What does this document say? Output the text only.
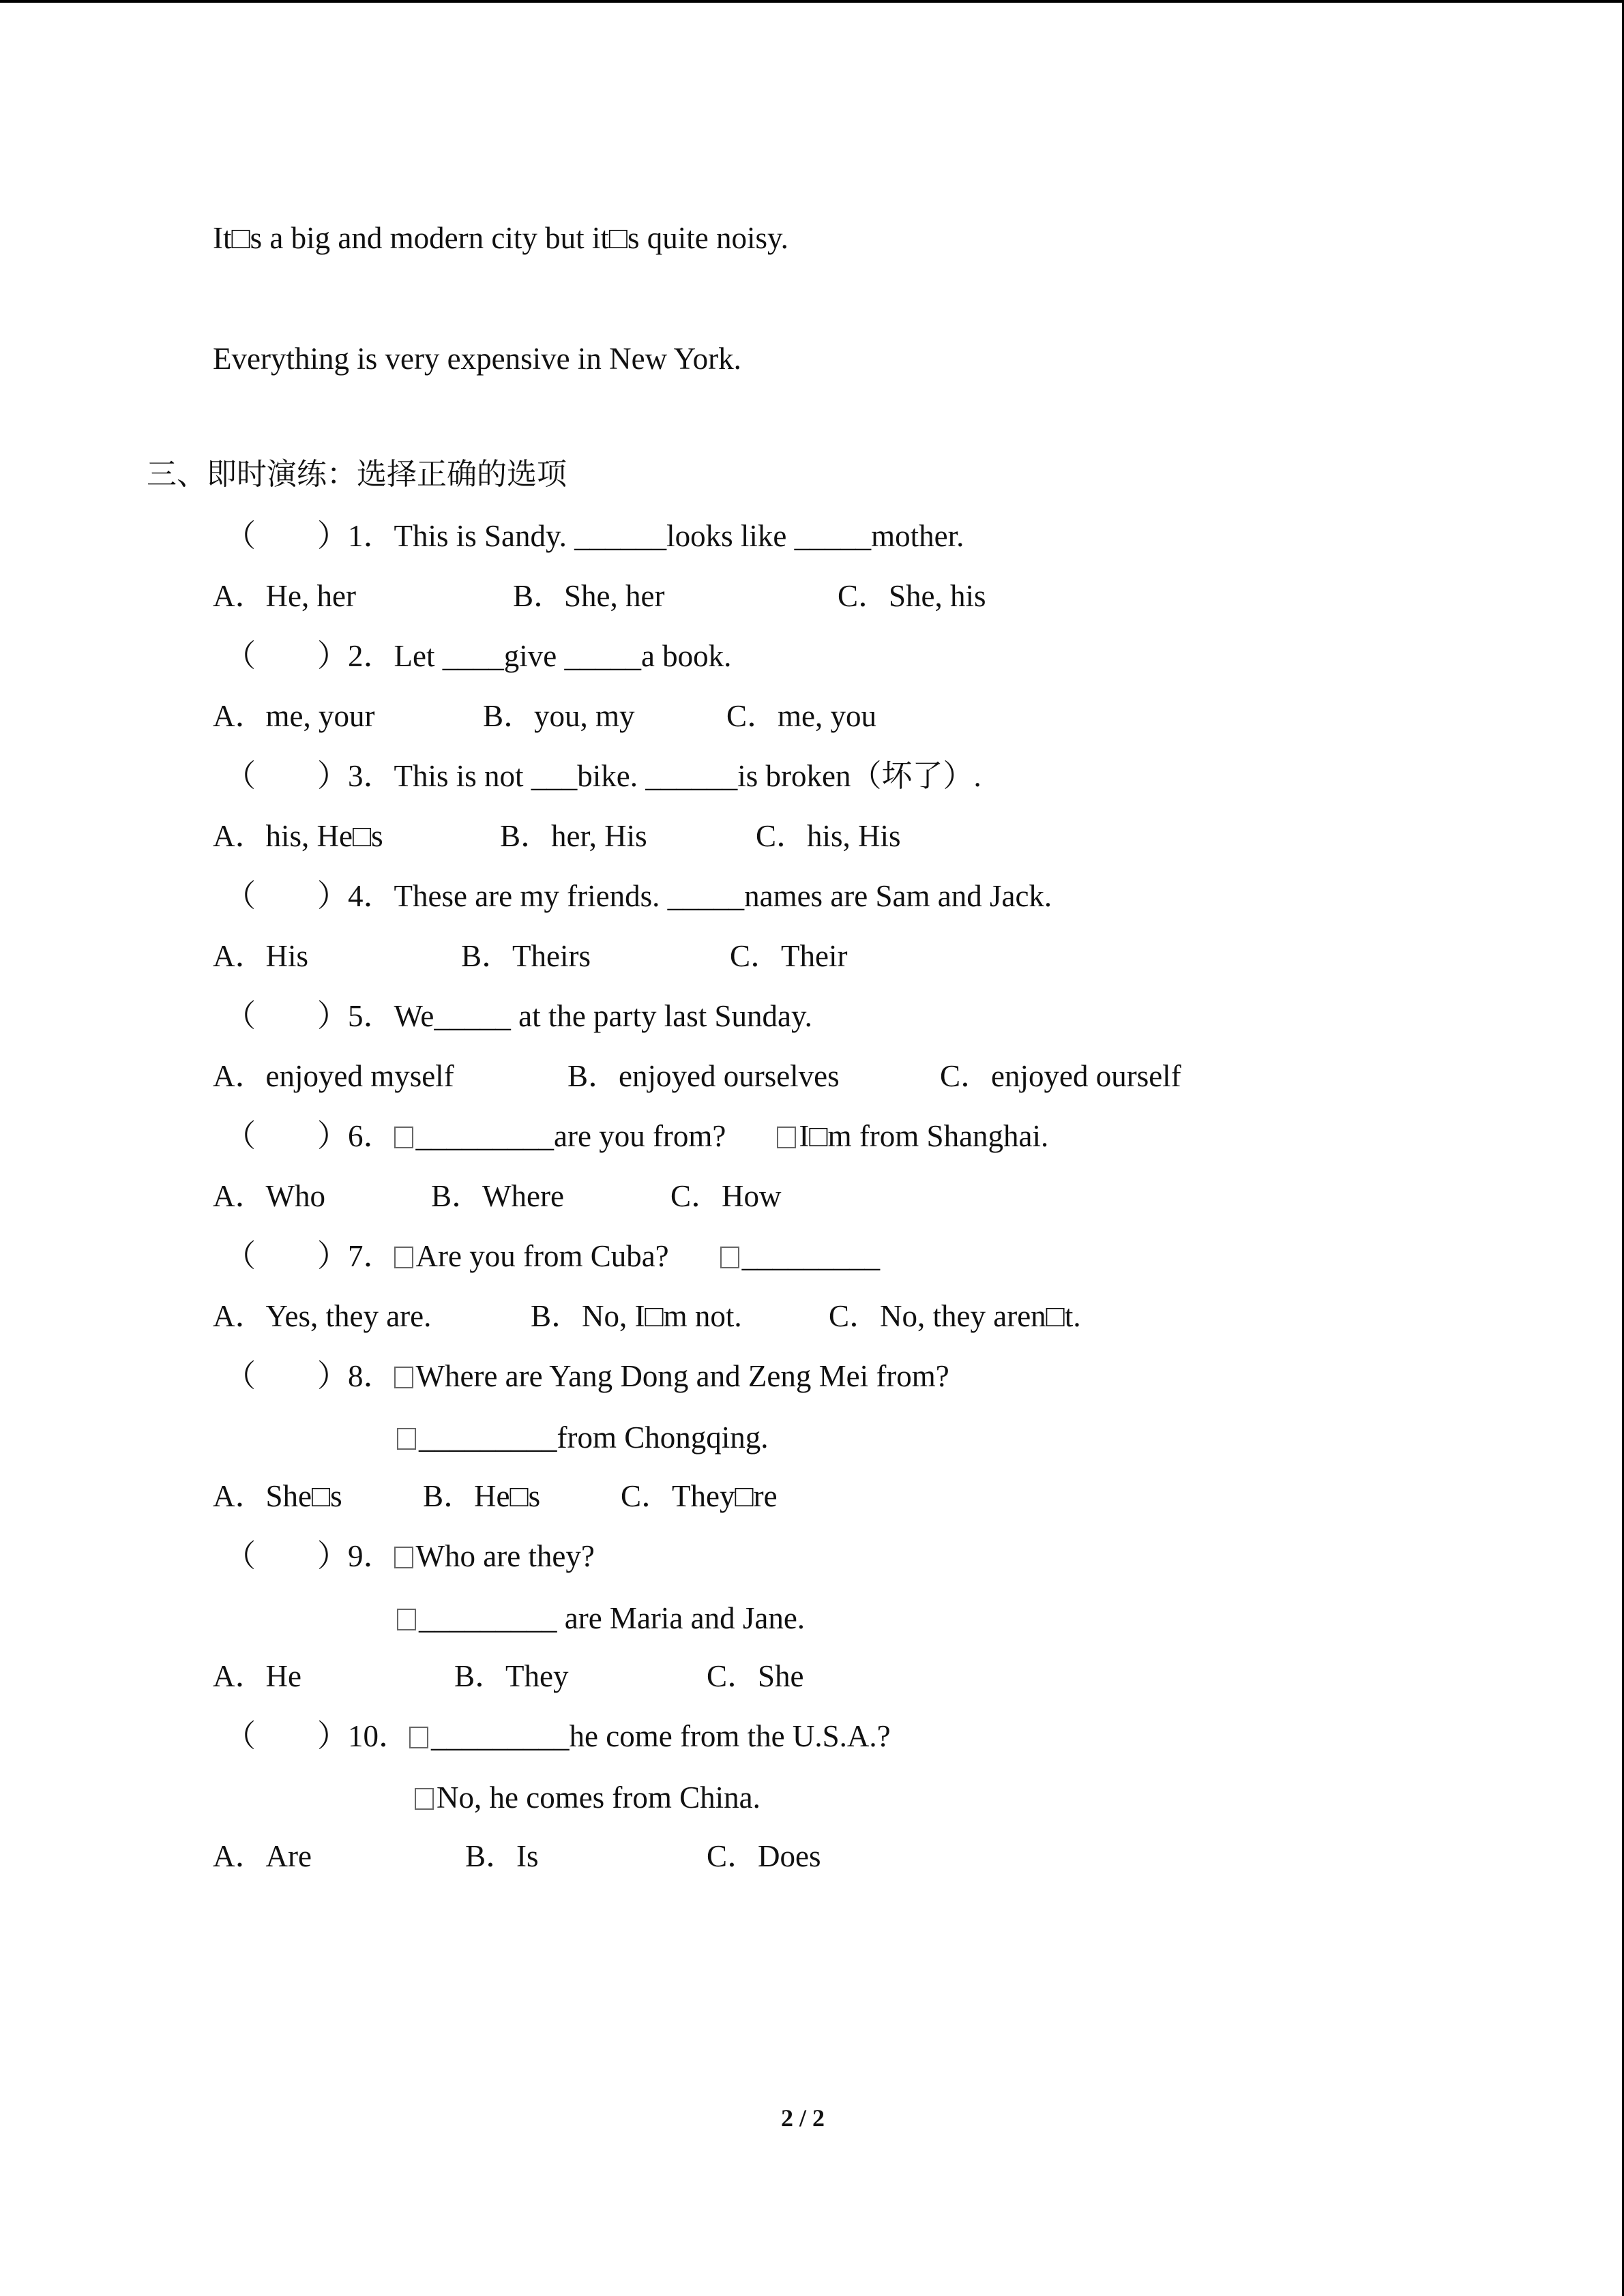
It□s a big and modern city but it□s quite noisy.
Everything is very expensive in New York.
三、即时演练：选择正确的选项
（　　）1．This is Sandy. ______looks like _____mother.
A．He, her	B．She, her	C．She, his
（　　）2．Let ____give _____a book.
A．me, your	B．you, my	C．me, you
（　　）3．This is not ___bike. ______is broken（坏了）.
A．his, He□s	B．her, His	C．his, His
（　　）4．These are my friends. _____names are Sam and Jack.
A．His	B．Theirs	C．Their
（　　）5．We_____ at the party last Sunday.
A．enjoyed myself	B．enjoyed ourselves	C．enjoyed ourself
（　　）6． _________are you from? I□m from Shanghai.
A．Who	B．Where	C．How
（　　）7． Are you from Cuba? _________
A．Yes, they are.	B．No, I□m not.	C．No, they aren□t.
（　　）8． Where are Yang Dong and Zeng Mei from?
_________from Chongqing.
A．She□s	B．He□s	C．They□re
（　　）9． Who are they?
_________ are Maria and Jane.
A．He	B．They	C．She
（　　）10． _________he come from the U.S.A.?
No, he comes from China.
A．Are	B．Is	C．Does
2 / 2
